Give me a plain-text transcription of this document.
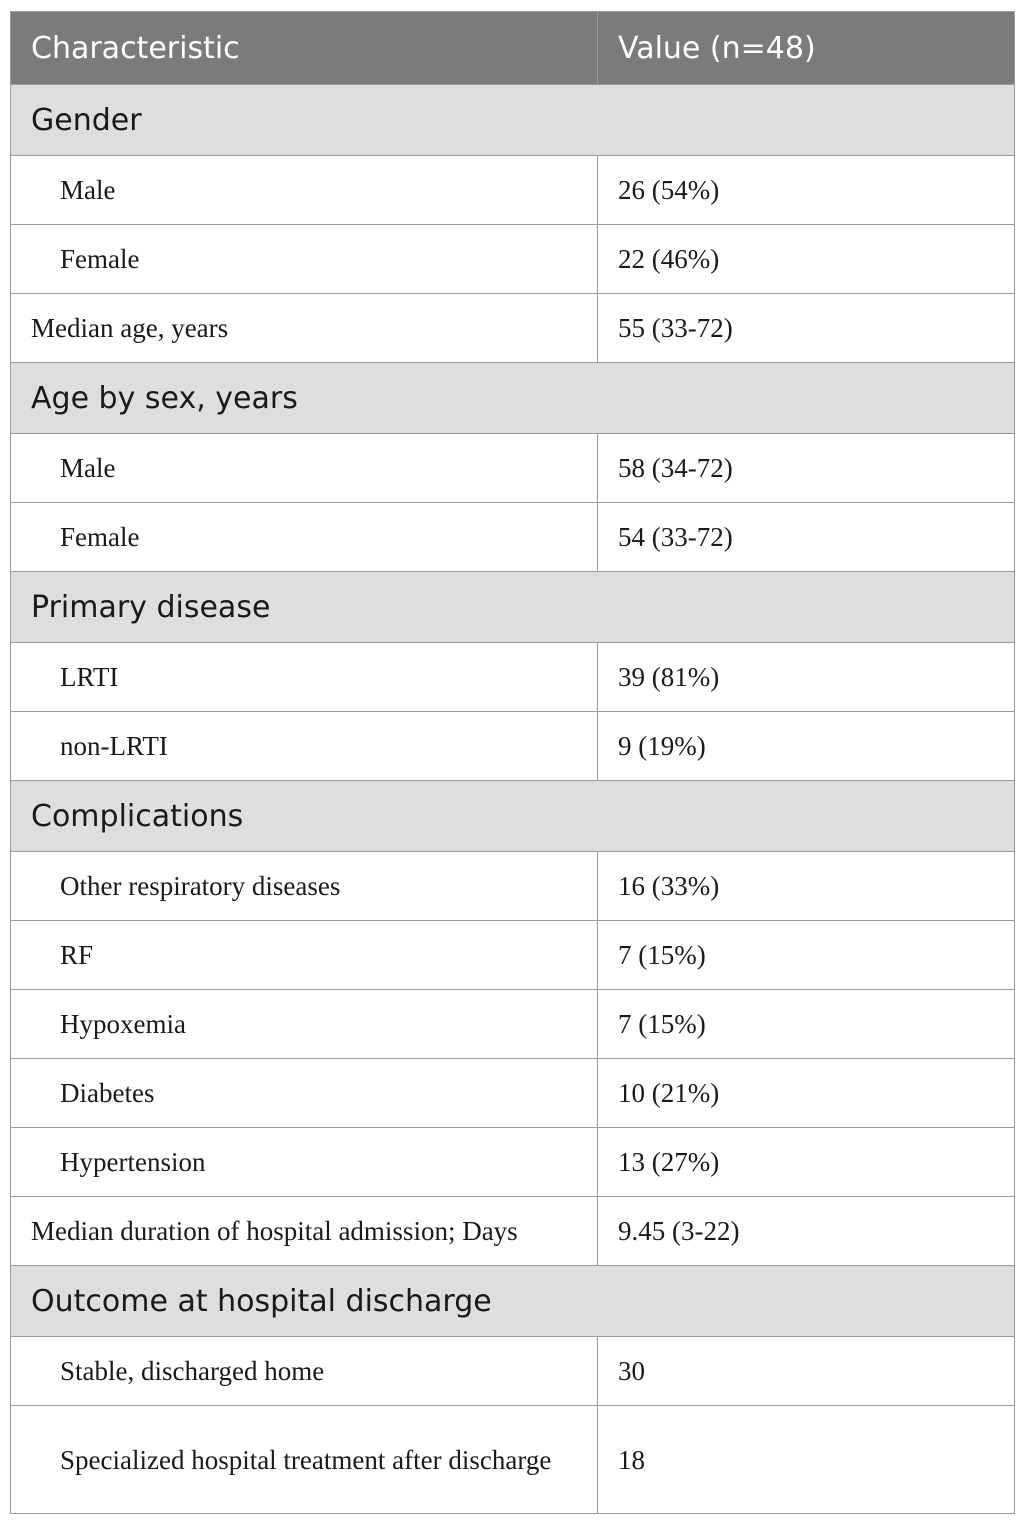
Characteristic	Value (n=48)
Gender	
Male	26 (54%)
Female	22 (46%)
Median age, years	55 (33-72)
Age by sex, years	
Male	58 (34-72)
Female	54 (33-72)
Primary disease	
LRTI	39 (81%)
non-LRTI	9 (19%)
Complications	
Other respiratory diseases	16 (33%)
RF	7 (15%)
Hypoxemia	7 (15%)
Diabetes	10 (21%)
Hypertension	13 (27%)
Median duration of hospital admission; Days	9.45 (3-22)
Outcome at hospital discharge	
Stable, discharged home	30
Specialized hospital treatment after discharge	18
